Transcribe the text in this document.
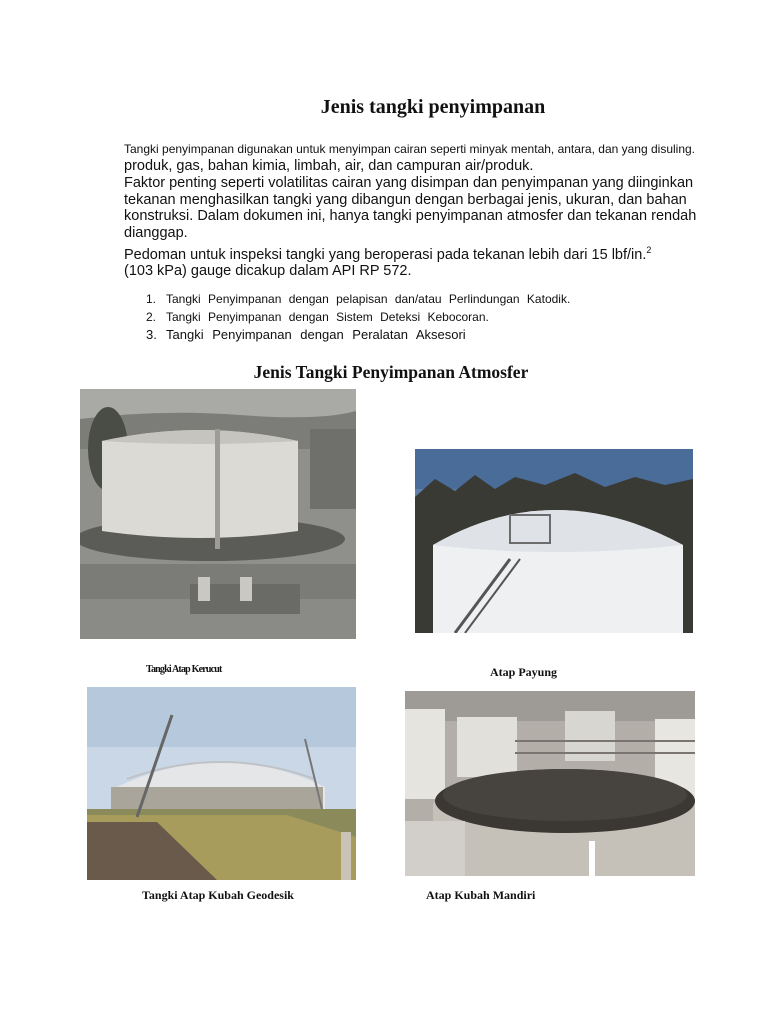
Jenis tangki penyimpanan
Tangki penyimpanan digunakan untuk menyimpan cairan seperti minyak mentah, antara, dan yang disuling.
produk, gas, bahan kimia, limbah, air, dan campuran air/produk.
Faktor penting seperti volatilitas cairan yang disimpan dan penyimpanan yang diinginkan tekanan menghasilkan tangki yang dibangun dengan berbagai jenis, ukuran, dan bahan konstruksi. Dalam dokumen ini, hanya tangki penyimpanan atmosfer dan tekanan rendah dianggap.
Pedoman untuk inspeksi tangki yang beroperasi pada tekanan lebih dari 15 lbf/in.$^2$
(103 kPa) gauge dicakup dalam API RP 572.
1. Tangki Penyimpanan dengan pelapisan dan/atau Perlindungan Katodik.
2. Tangki Penyimpanan dengan Sistem Deteksi Kebocoran.
3. Tangki Penyimpanan dengan Peralatan Aksesori
Jenis Tangki Penyimpanan Atmosfer
Tangki Atap Kerucut	Atap Payung
Tangki Atap Kubah Geodesik	Atap Kubah Mandiri
